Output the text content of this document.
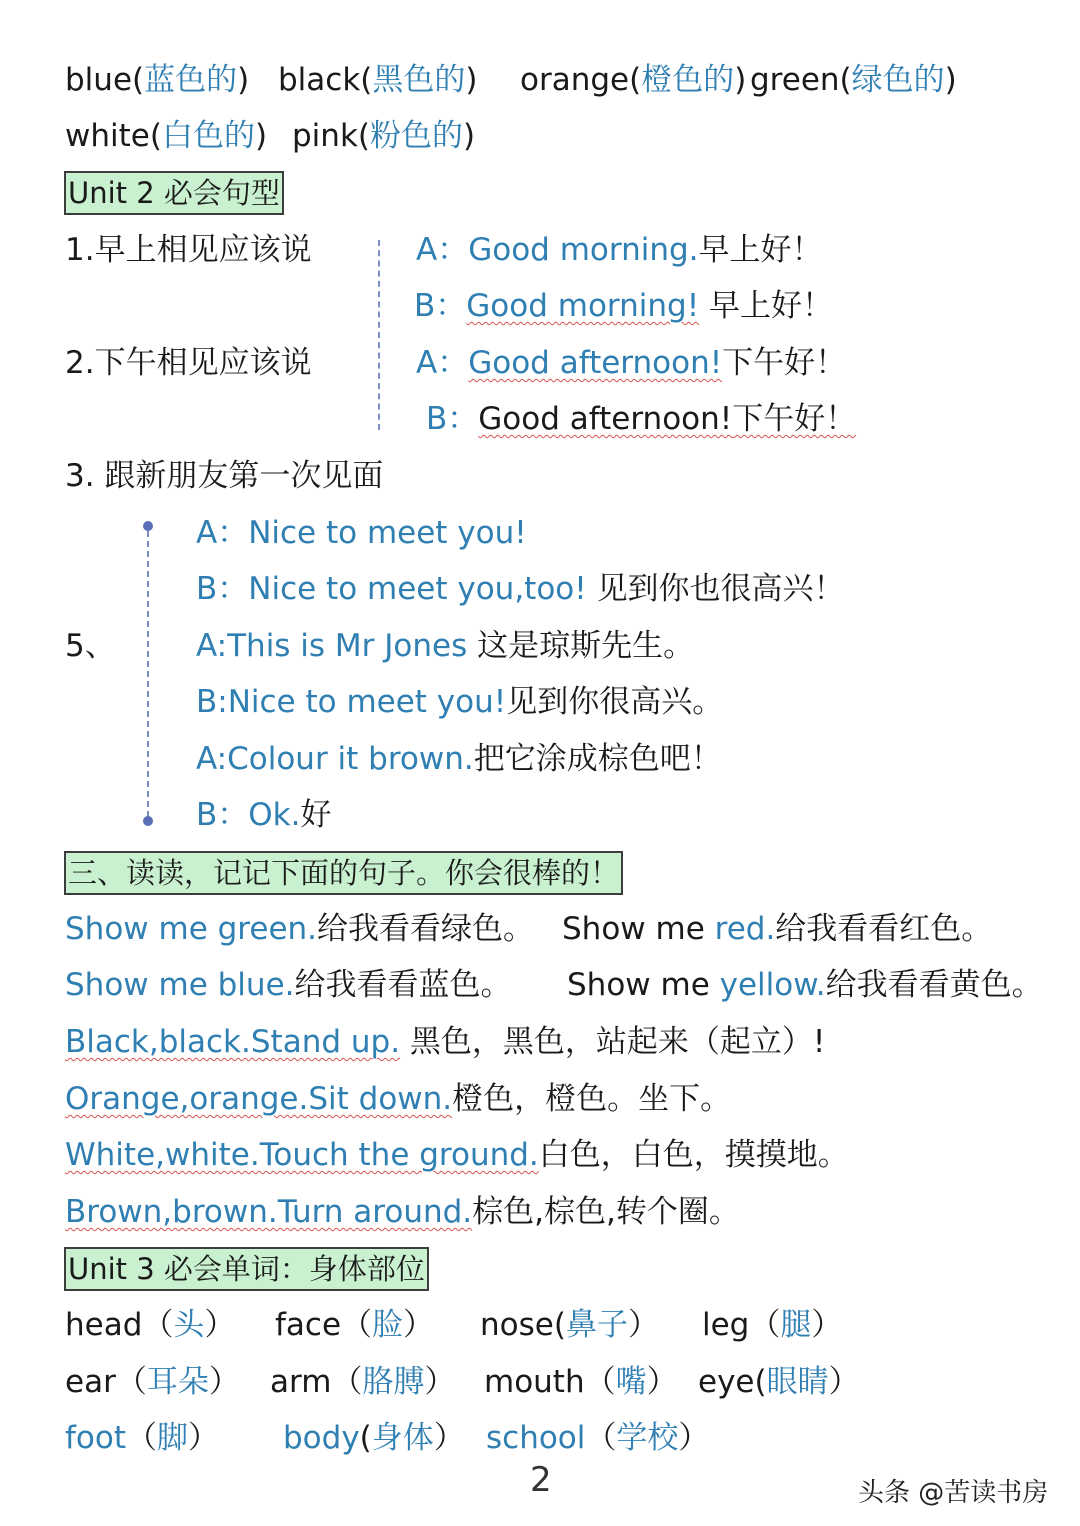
blue(蓝色的) black(黑色的) orange(橙色的) green(绿色的)
white(白色的) pink(粉色的)
Unit 2 必会句型
1.早上相见应该说
2.下午相见应该说
A：Good morning.早上好！
B：Good morning! 早上好！
A：Good afternoon!下午好！
B：Good afternoon!下午好！
3. 跟新朋友第一次见面
5、
A：Nice to meet you!
B：Nice to meet you,too! 见到你也很高兴！
A:This is Mr Jones 这是琼斯先生。
B:Nice to meet you!见到你很高兴。
A:Colour it brown.把它涂成棕色吧！
B：Ok.好
三、读读，记记下面的句子。你会很棒的！
Show me green.给我看看绿色。 Show me red.给我看看红色。
Show me blue.给我看看蓝色。 Show me yellow.给我看看黄色。
Black,black.Stand up. 黑色，黑色，站起来（起立）!
Orange,orange.Sit down.橙色，橙色。坐下。
White,white.Touch the ground.白色，白色，摸摸地。
Brown,brown.Turn around.棕色,棕色,转个圈。
Unit 3 必会单词：身体部位
head（头） face（脸） nose(鼻子） leg（腿）
ear（耳朵） arm（胳膊） mouth（嘴） eye(眼睛）
foot（脚） body(身体） school（学校）
2	头条 @苦读书房
